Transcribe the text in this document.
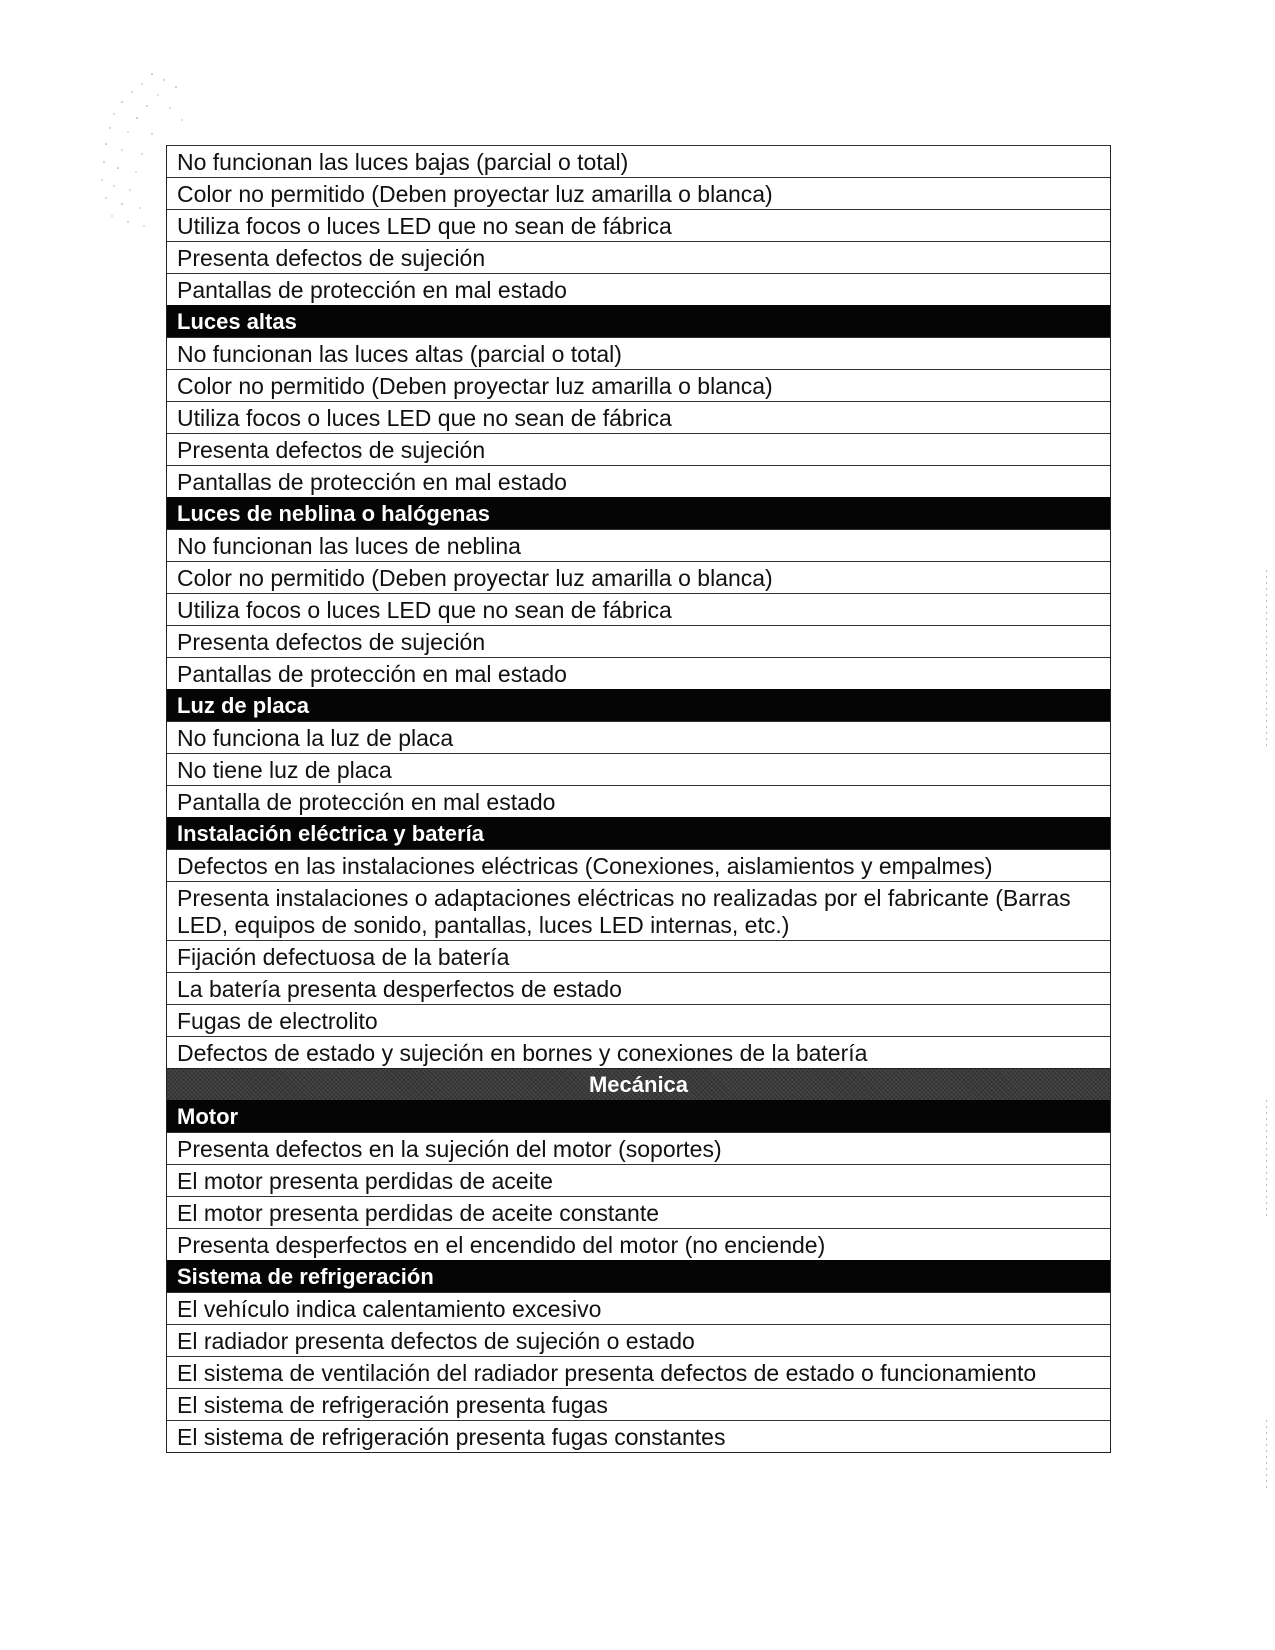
No funcionan las luces bajas (parcial o total)
Color no permitido (Deben proyectar luz amarilla o blanca)
Utiliza focos o luces LED que no sean de fábrica
Presenta defectos de sujeción
Pantallas de protección en mal estado
Luces altas
No funcionan las luces altas (parcial o total)
Color no permitido (Deben proyectar luz amarilla o blanca)
Utiliza focos o luces LED que no sean de fábrica
Presenta defectos de sujeción
Pantallas de protección en mal estado
Luces de neblina o halógenas
No funcionan las luces de neblina
Color no permitido (Deben proyectar luz amarilla o blanca)
Utiliza focos o luces LED que no sean de fábrica
Presenta defectos de sujeción
Pantallas de protección en mal estado
Luz de placa
No funciona la luz de placa
No tiene luz de placa
Pantalla de protección en mal estado
Instalación eléctrica y batería
Defectos en las instalaciones eléctricas (Conexiones, aislamientos y empalmes)
Presenta instalaciones o adaptaciones eléctricas no realizadas por el fabricante (Barras LED, equipos de sonido, pantallas, luces LED internas, etc.)
Fijación defectuosa de la batería
La batería presenta desperfectos de estado
Fugas de electrolito
Defectos de estado y sujeción en bornes y conexiones de la batería
Mecánica
Motor
Presenta defectos en la sujeción del motor (soportes)
El motor presenta perdidas de aceite
El motor presenta perdidas de aceite constante
Presenta desperfectos en el encendido del motor (no enciende)
Sistema de refrigeración
El vehículo indica calentamiento excesivo
El radiador presenta defectos de sujeción o estado
El sistema de ventilación del radiador presenta defectos de estado o funcionamiento
El sistema de refrigeración presenta fugas
El sistema de refrigeración presenta fugas constantes
